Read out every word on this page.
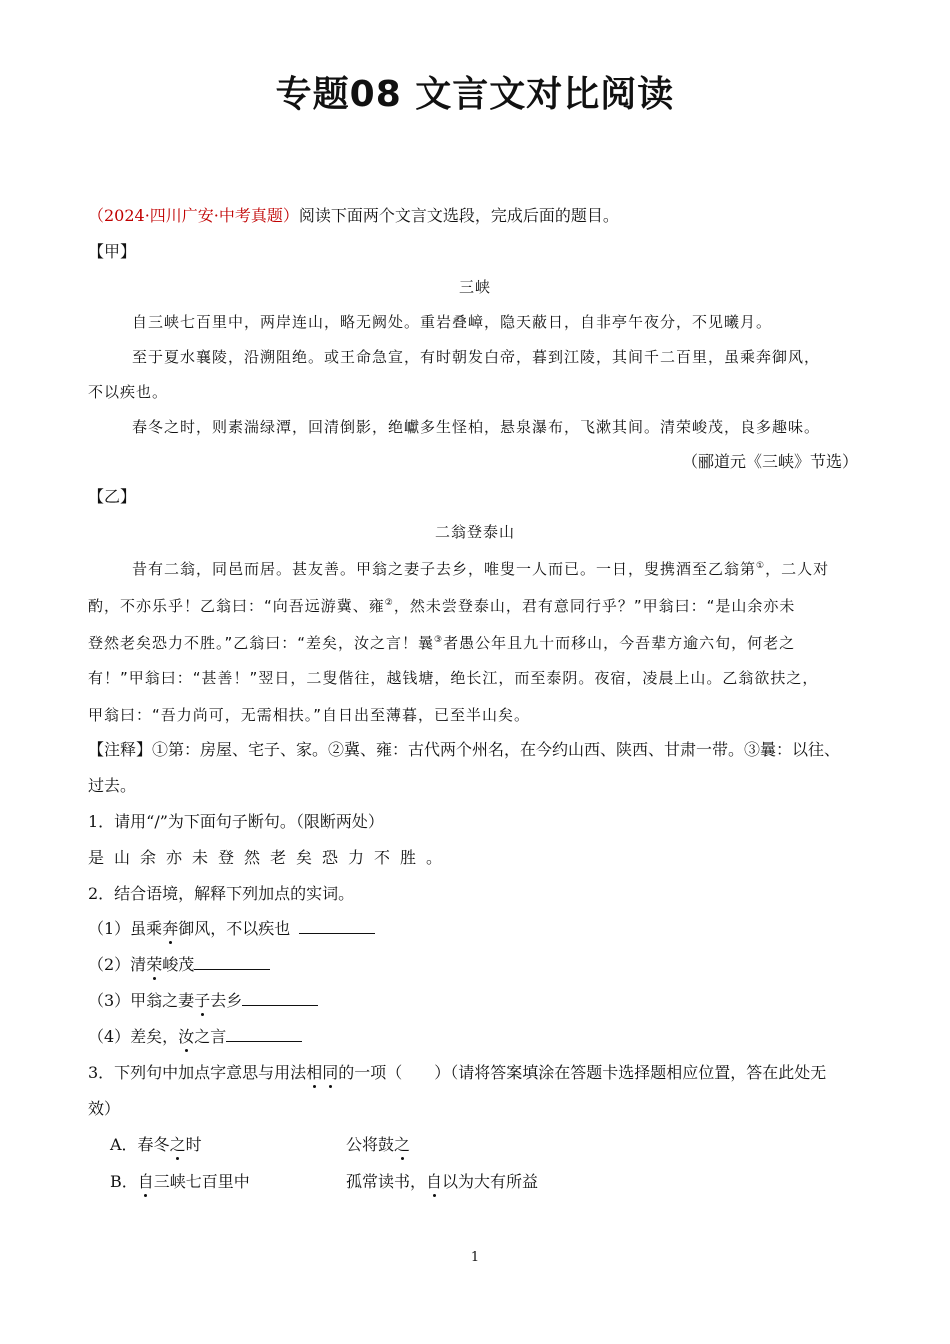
专题08 文言文对比阅读
（2024·四川广安·中考真题）阅读下面两个文言文选段，完成后面的题目。
【甲】
三峡
自三峡七百里中，两岸连山，略无阙处。重岩叠嶂，隐天蔽日，自非亭午夜分，不见曦月。
至于夏水襄陵，沿溯阻绝。或王命急宣，有时朝发白帝，暮到江陵，其间千二百里，虽乘奔御风，
不以疾也。
春冬之时，则素湍绿潭，回清倒影，绝巘多生怪柏，悬泉瀑布，飞漱其间。清荣峻茂，良多趣味。
（郦道元《三峡》节选）
【乙】
二翁登泰山
昔有二翁，同邑而居。甚友善。甲翁之妻子去乡，唯叟一人而已。一日，叟携酒至乙翁第①，二人对
酌，不亦乐乎！乙翁曰：“向吾远游冀、雍②，然未尝登泰山，君有意同行乎？”甲翁曰：“是山余亦未
登然老矣恐力不胜。”乙翁曰：“差矣，汝之言！曩③者愚公年且九十而移山，今吾辈方逾六旬，何老之
有！”甲翁曰：“甚善！”翌日，二叟偕往，越钱塘，绝长江，而至泰阴。夜宿，凌晨上山。乙翁欲扶之，
甲翁曰：“吾力尚可，无需相扶。”自日出至薄暮，已至半山矣。
【注释】①第：房屋、宅子、家。②冀、雍：古代两个州名，在今约山西、陕西、甘肃一带。③曩：以往、
过去。
1．请用“/”为下面句子断句。（限断两处）
是山余亦未登然老矣恐力不胜。
2．结合语境，解释下列加点的实词。
（1）虽乘奔御风，不以疾也
（2）清荣峻茂
（3）甲翁之妻子去乡
（4）差矣，汝之言
3．下列句中加点字意思与用法相同的一项（　　）（请将答案填涂在答题卡选择题相应位置，答在此处无
效）
A．春冬之时	公将鼓之
B．自三峡七百里中	孤常读书，自以为大有所益
1
